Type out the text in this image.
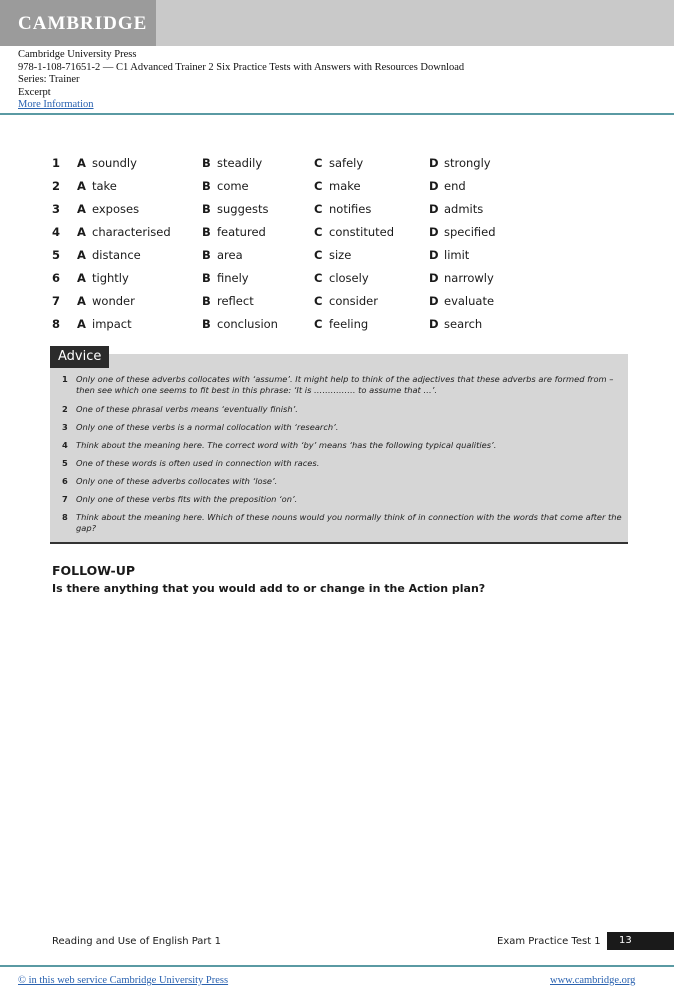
CAMBRIDGE
Cambridge University Press
978-1-108-71651-2 — C1 Advanced Trainer 2 Six Practice Tests with Answers with Resources Download
Series: Trainer
Excerpt
More Information
1 A soundly	B steadily	C safely	D strongly
2 A take	B come	C make	D end
3 A exposes	B suggests	C notifies	D admits
4 A characterised	B featured	C constituted	D specified
5 A distance	B area	C size	D limit
6 A tightly	B finely	C closely	D narrowly
7 A wonder	B reflect	C consider	D evaluate
8 A impact	B conclusion	C feeling	D search
1 Only one of these adverbs collocates with ‘assume’. It might help to think of the adjectives that these adverbs are formed from – then see which one seems to fit best in this phrase: ‘It is …………… to assume that …’.
2 One of these phrasal verbs means ‘eventually finish’.
3 Only one of these verbs is a normal collocation with ‘research’.
4 Think about the meaning here. The correct word with ‘by’ means ‘has the following typical qualities’.
5 One of these words is often used in connection with races.
6 Only one of these adverbs collocates with ‘lose’.
7 Only one of these verbs fits with the preposition ‘on’.
8 Think about the meaning here. Which of these nouns would you normally think of in connection with the words that come after the gap?
Advice
FOLLOW-UP
Is there anything that you would add to or change in the Action plan?
Reading and Use of English Part 1	Exam Practice Test 1	13
© in this web service Cambridge University Press	www.cambridge.org
